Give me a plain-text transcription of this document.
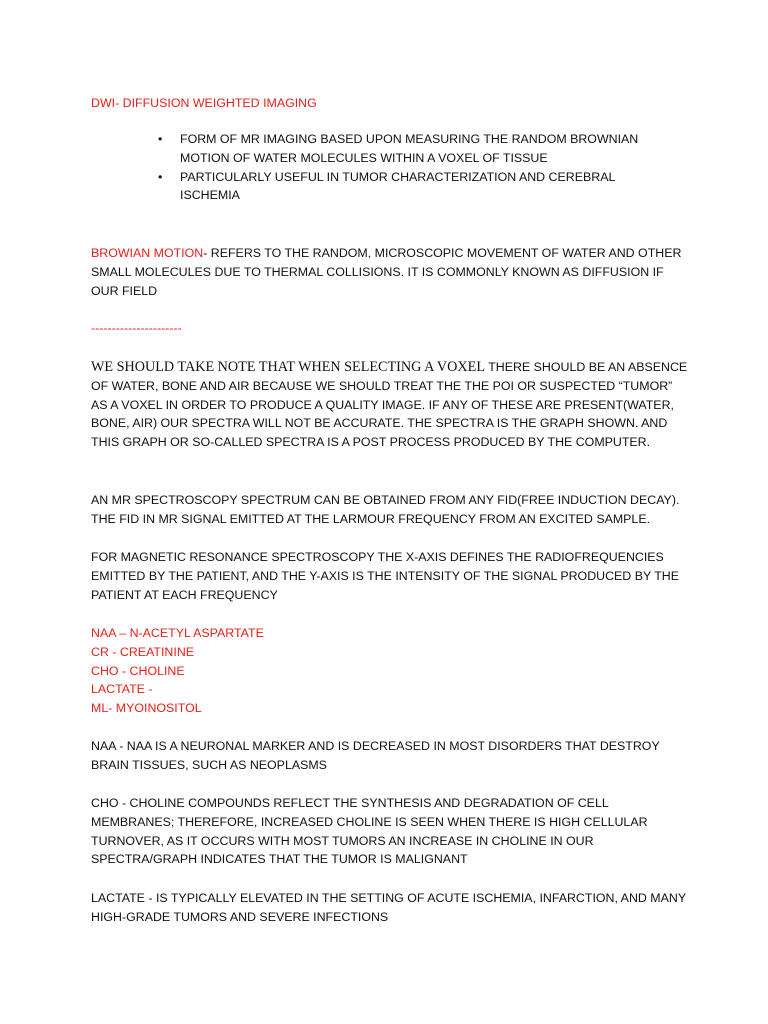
DWI- DIFFUSION WEIGHTED IMAGING

• FORM OF MR IMAGING BASED UPON MEASURING THE RANDOM BROWNIAN MOTION OF WATER MOLECULES WITHIN A VOXEL OF TISSUE
• PARTICULARLY USEFUL IN TUMOR CHARACTERIZATION AND CEREBRAL ISCHEMIA

BROWIAN MOTION- REFERS TO THE RANDOM, MICROSCOPIC MOVEMENT OF WATER AND OTHER SMALL MOLECULES DUE TO THERMAL COLLISIONS. IT IS COMMONLY KNOWN AS DIFFUSION IF OUR FIELD

----------------------

WE SHOULD TAKE NOTE THAT WHEN SELECTING A VOXEL THERE SHOULD BE AN ABSENCE OF WATER, BONE AND AIR BECAUSE WE SHOULD TREAT THE THE POI OR SUSPECTED “TUMOR” AS A VOXEL IN ORDER TO PRODUCE A QUALITY IMAGE. IF ANY OF THESE ARE PRESENT(WATER, BONE, AIR) OUR SPECTRA WILL NOT BE ACCURATE. THE SPECTRA IS THE GRAPH SHOWN. AND THIS GRAPH OR SO-CALLED SPECTRA IS A POST PROCESS PRODUCED BY THE COMPUTER.

AN MR SPECTROSCOPY SPECTRUM CAN BE OBTAINED FROM ANY FID(FREE INDUCTION DECAY). THE FID IN MR SIGNAL EMITTED AT THE LARMOUR FREQUENCY FROM AN EXCITED SAMPLE.

FOR MAGNETIC RESONANCE SPECTROSCOPY THE X-AXIS DEFINES THE RADIOFREQUENCIES EMITTED BY THE PATIENT, AND THE Y-AXIS IS THE INTENSITY OF THE SIGNAL PRODUCED BY THE PATIENT AT EACH FREQUENCY

NAA – N-ACETYL ASPARTATE

CR - CREATININE

CHO - CHOLINE

LACTATE -

ML- MYOINOSITOL

NAA - NAA IS A NEURONAL MARKER AND IS DECREASED IN MOST DISORDERS THAT DESTROY BRAIN TISSUES, SUCH AS NEOPLASMS

CHO - CHOLINE COMPOUNDS REFLECT THE SYNTHESIS AND DEGRADATION OF CELL MEMBRANES; THEREFORE, INCREASED CHOLINE IS SEEN WHEN THERE IS HIGH CELLULAR TURNOVER, AS IT OCCURS WITH MOST TUMORS AN INCREASE IN CHOLINE IN OUR SPECTRA/GRAPH INDICATES THAT THE TUMOR IS MALIGNANT

LACTATE - IS TYPICALLY ELEVATED IN THE SETTING OF ACUTE ISCHEMIA, INFARCTION, AND MANY HIGH-GRADE TUMORS AND SEVERE INFECTIONS
